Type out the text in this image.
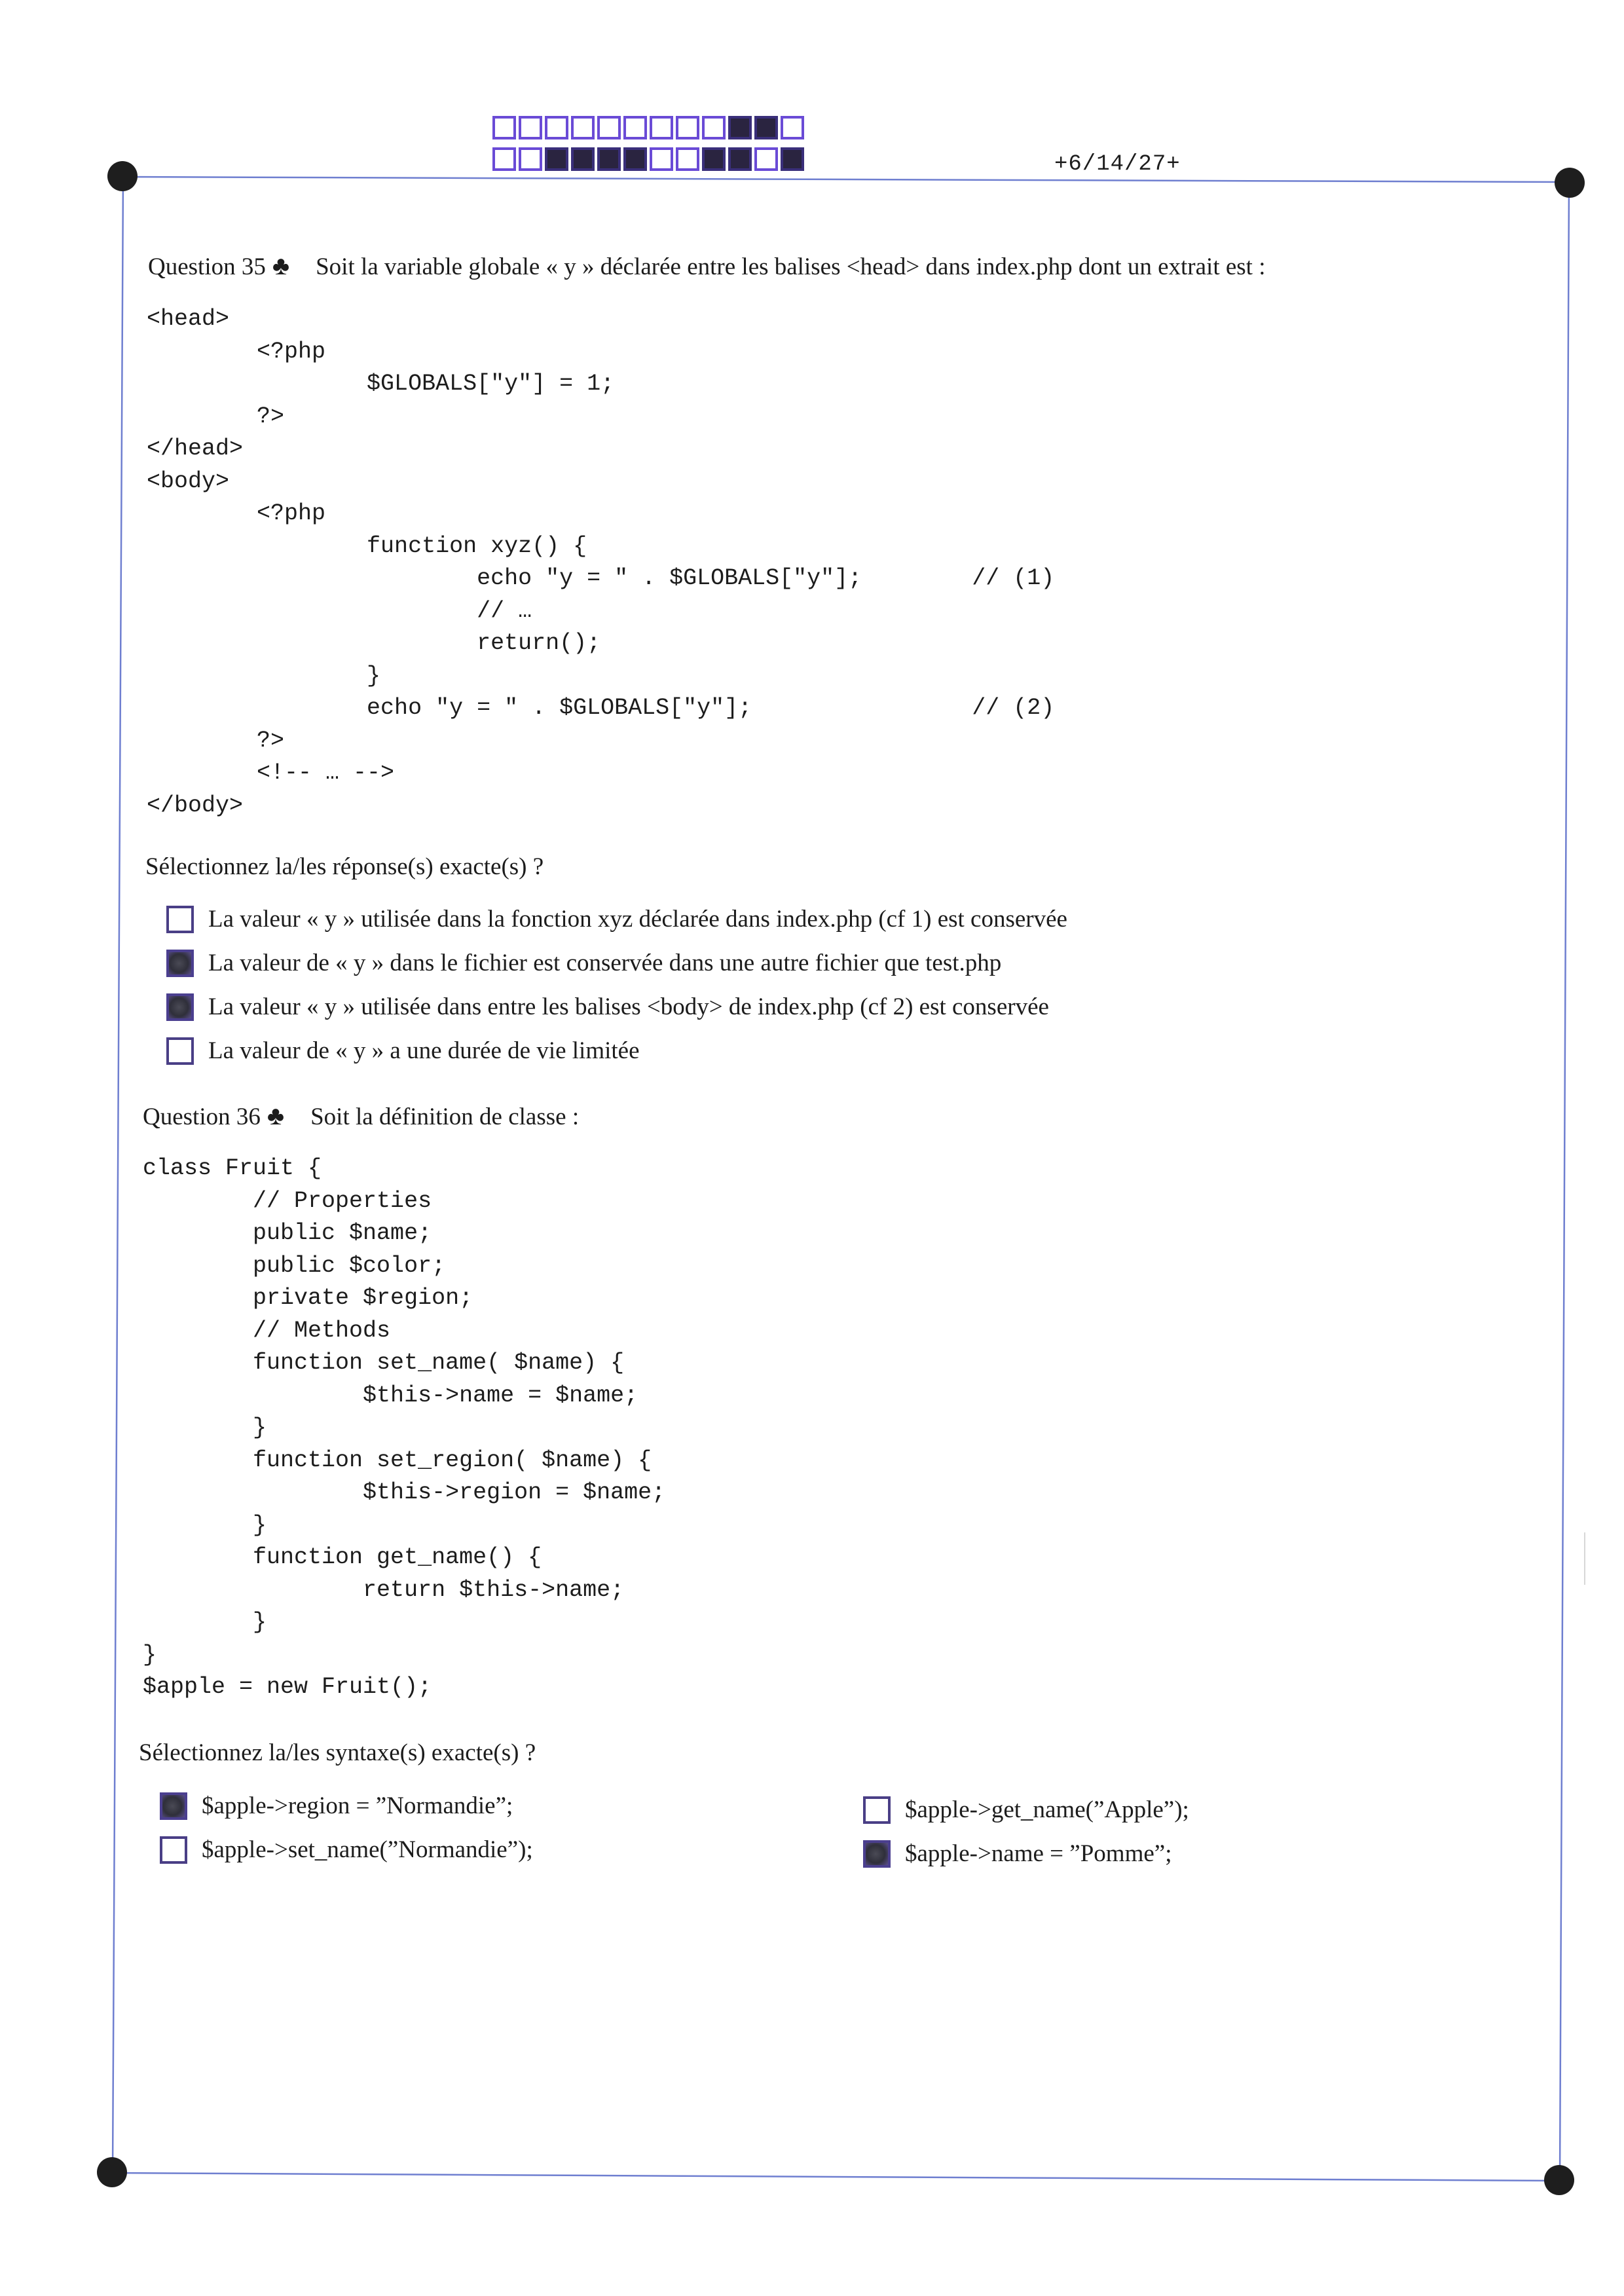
+6/14/27+
Question 35 ♣ Soit la variable globale « y » déclarée entre les balises <head> dans index.php dont un extrait est :
<head>
<?php
$GLOBALS["y"] = 1;
?>
</head>
<body>
<?php
function xyz() {
echo "y = " . $GLOBALS["y"];        // (1)
// …
return();
}
echo "y = " . $GLOBALS["y"];                // (2)
?>
<!-- … -->
</body>
Sélectionnez la/les réponse(s) exacte(s) ?
La valeur « y » utilisée dans la fonction xyz déclarée dans index.php (cf 1) est conservée
La valeur de « y » dans le fichier est conservée dans une autre fichier que test.php
La valeur « y » utilisée dans entre les balises <body> de index.php (cf 2) est conservée
La valeur de « y » a une durée de vie limitée
Question 36 ♣ Soit la définition de classe :
class Fruit {
// Properties
public $name;
public $color;
private $region;
// Methods
function set_name( $name) {
$this->name = $name;
}
function set_region( $name) {
$this->region = $name;
}
function get_name() {
return $this->name;
}
}
$apple = new Fruit();
Sélectionnez la/les syntaxe(s) exacte(s) ?
$apple->region = ”Normandie”;
$apple->set_name(”Normandie”);
$apple->get_name(”Apple”);
$apple->name = ”Pomme”;
